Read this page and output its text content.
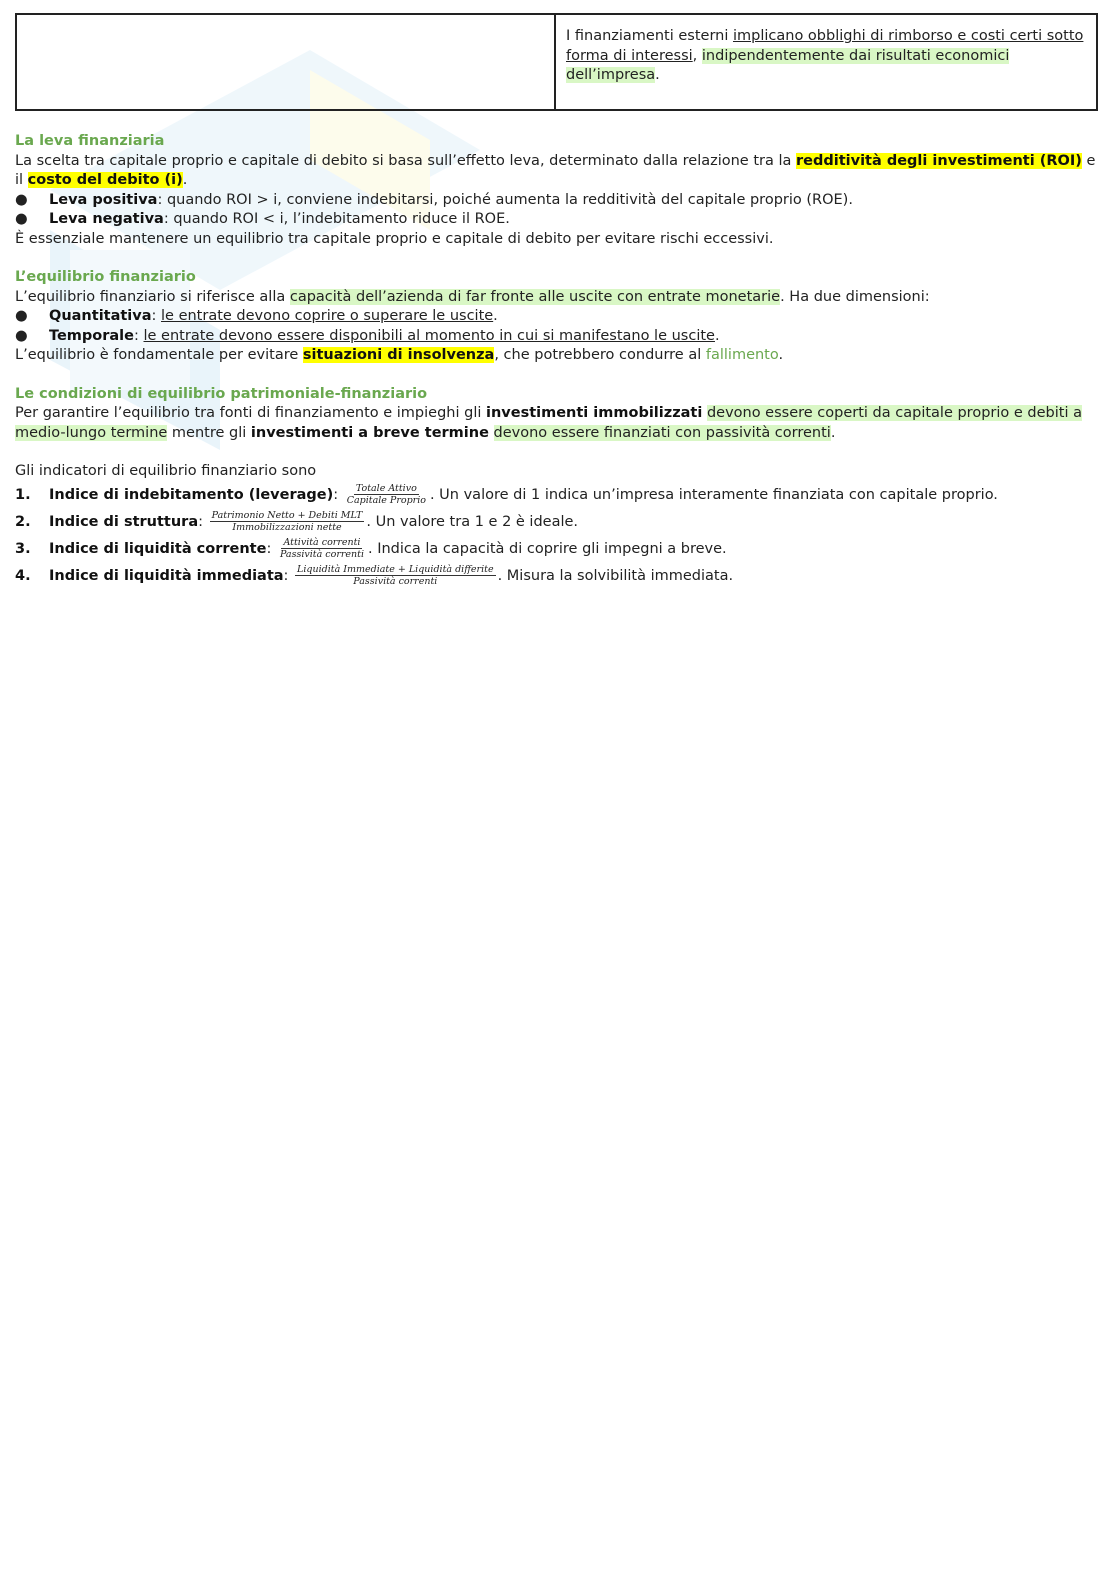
	I finanziamenti esterni implicano obblighi di rimborso e costi certi sotto forma di interessi, indipendentemente dai risultati economici dell’impresa.
La leva finanziaria

La scelta tra capitale proprio e capitale di debito si basa sull’effetto leva, determinato dalla relazione tra la redditività degli investimenti (ROI) e il costo del debito (i).

● Leva positiva: quando ROI > i, conviene indebitarsi, poiché aumenta la redditività del capitale proprio (ROE).
● Leva negativa: quando ROI < i, l’indebitamento riduce il ROE.

È essenziale mantenere un equilibrio tra capitale proprio e capitale di debito per evitare rischi eccessivi.

L’equilibrio finanziario

L’equilibrio finanziario si riferisce alla capacità dell’azienda di far fronte alle uscite con entrate monetarie. Ha due dimensioni:

● Quantitativa: le entrate devono coprire o superare le uscite.
● Temporale: le entrate devono essere disponibili al momento in cui si manifestano le uscite.

L’equilibrio è fondamentale per evitare situazioni di insolvenza, che potrebbero condurre al fallimento.

Le condizioni di equilibrio patrimoniale-finanziario

Per garantire l’equilibrio tra fonti di finanziamento e impieghi gli investimenti immobilizzati devono essere coperti da capitale proprio e debiti a medio-lungo termine mentre gli investimenti a breve termine devono essere finanziati con passività correnti.

Gli indicatori di equilibrio finanziario sono

1. Indice di indebitamento (leverage): $\frac{\text{Totale Attivo}}{\text{Capitale Proprio}}$ . Un valore di 1 indica un’impresa interamente finanziata con capitale proprio.
2. Indice di struttura: $\frac{\text{Patrimonio Netto + Debiti MLT}}{\text{Immobilizzazioni nette}}$ . Un valore tra 1 e 2 è ideale.
3. Indice di liquidità corrente: $\frac{\text{Attività correnti}}{\text{Passività correnti}}$ . Indica la capacità di coprire gli impegni a breve.
4. Indice di liquidità immediata: $\frac{\text{Liquidità Immediate + Liquidità differite}}{\text{Passività correnti}}$ . Misura la solvibilità immediata.
